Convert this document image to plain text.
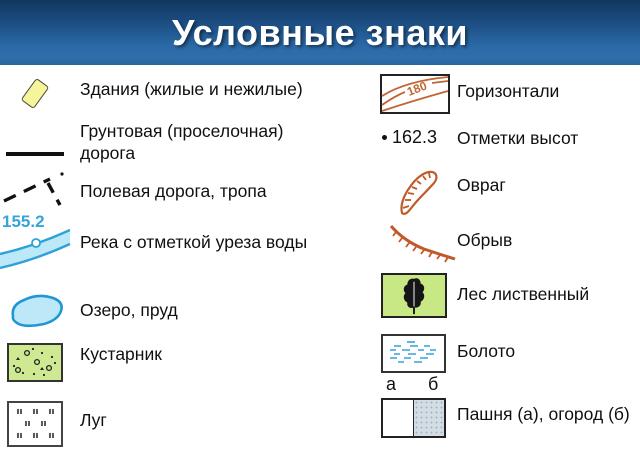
Условные знаки
Здания (жилые и нежилые)
Грунтовая (проселочная) дорога
Полевая дорога, тропа
155.2
Река с отметкой уреза воды
Озеро, пруд
Кустарник
Луг
180 Горизонтали
162.3 Отметки высот
Овраг
Обрыв
Лес лиственный
Болото
а б
Пашня (а), огород (б)
